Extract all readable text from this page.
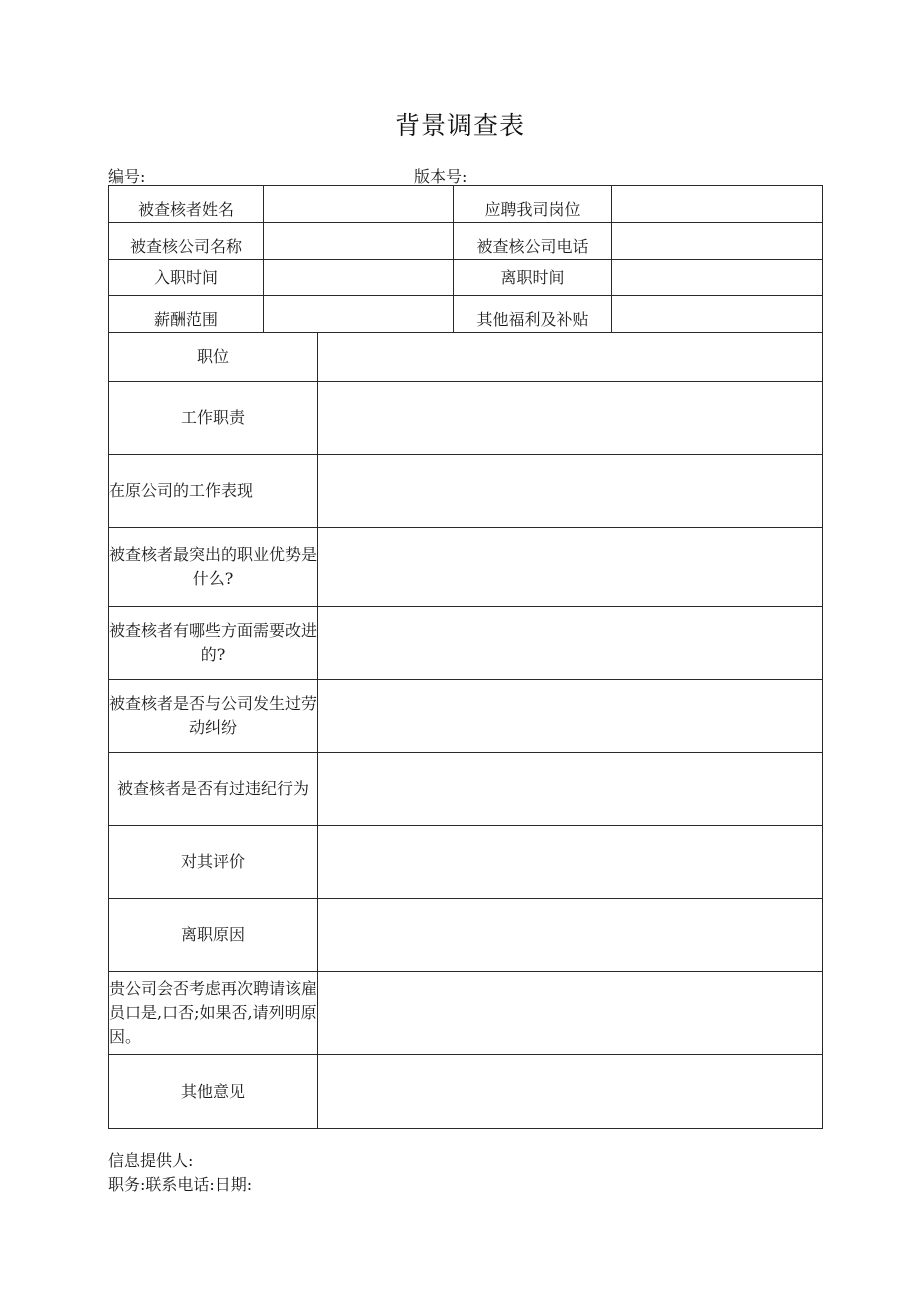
背景调查表
编号:	版本号:
被查核者姓名			应聘我司岗位	

被查核公司名称			被查核公司电话	

入职时间			离职时间	

薪酬范围			其他福利及补贴	

职位				
工作职责				
在原公司的工作表现				
被查核者最突出的职业优势是什么?				
被查核者有哪些方面需要改进的?				
被查核者是否与公司发生过劳动纠纷				
被查核者是否有过违纪行为				
对其评价				
离职原因				
贵公司会否考虑再次聘请该雇员口是,口否;如果否,请列明原因。				
其他意见				
信息提供人:
职务:联系电话:日期:
